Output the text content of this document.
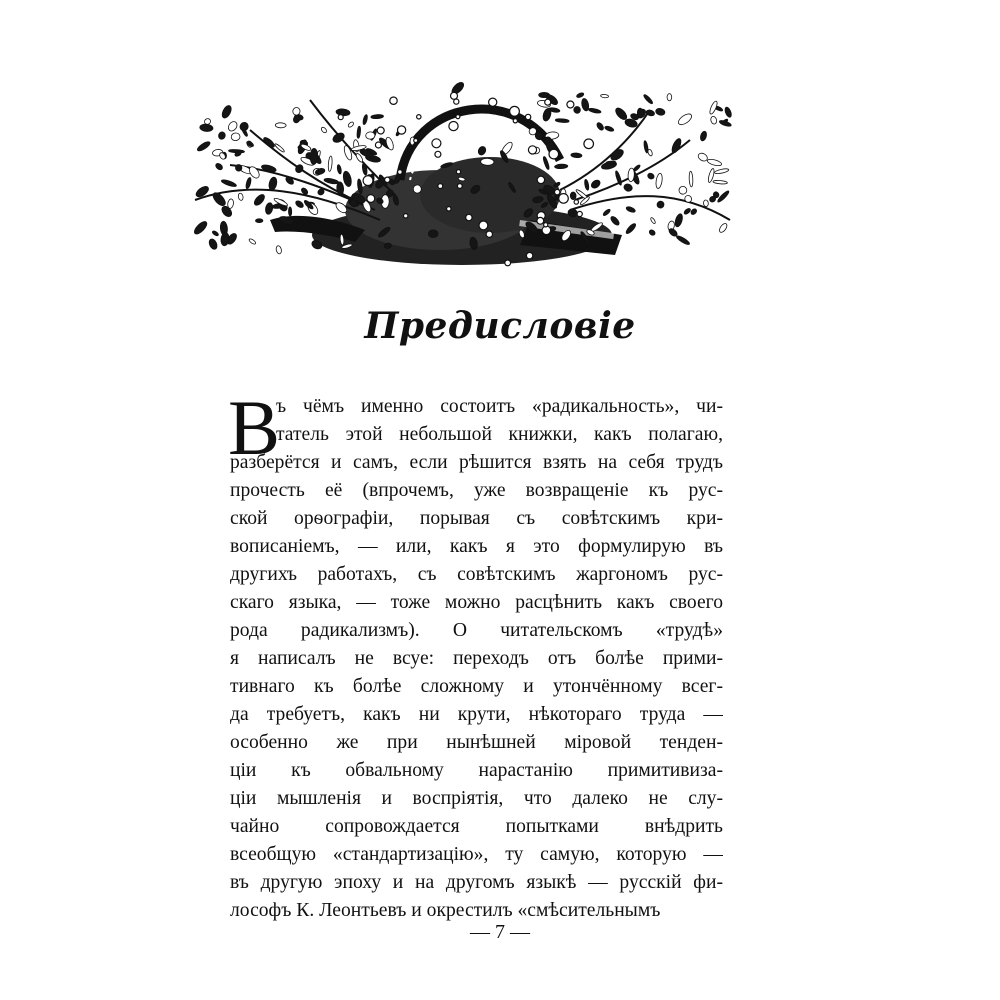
Предисловіе
В
ъ чёмъ именно состоитъ «радикальность», чи-
татель этой небольшой книжки, какъ полагаю,
разберётся и самъ, если рѣшится взять на себя трудъ
прочесть её (впрочемъ, уже возвращеніе къ рус-
ской орѳографіи, порывая съ совѣтскимъ кри-
вописаніемъ, — или, какъ я это формулирую въ
другихъ работахъ, съ совѣтскимъ жаргономъ рус-
скаго языка, — тоже можно расцѣнить какъ своего
рода радикализмъ). О читательскомъ «трудѣ»
я написалъ не всуе: переходъ отъ болѣе прими-
тивнаго къ болѣе сложному и утончённому всег-
да требуетъ, какъ ни крути, нѣкотораго труда —
особенно же при нынѣшней міровой тенден-
ціи къ обвальному нарастанію примитивиза-
ціи мышленія и воспріятія, что далеко не слу-
чайно сопровождается попытками внѣдрить
всеобщую «стандартизацію», ту самую, которую —
въ другую эпоху и на другомъ языкѣ — русскій фи-
лософъ К. Леонтьевъ и окрестилъ «смѣсительнымъ
— 7 —
